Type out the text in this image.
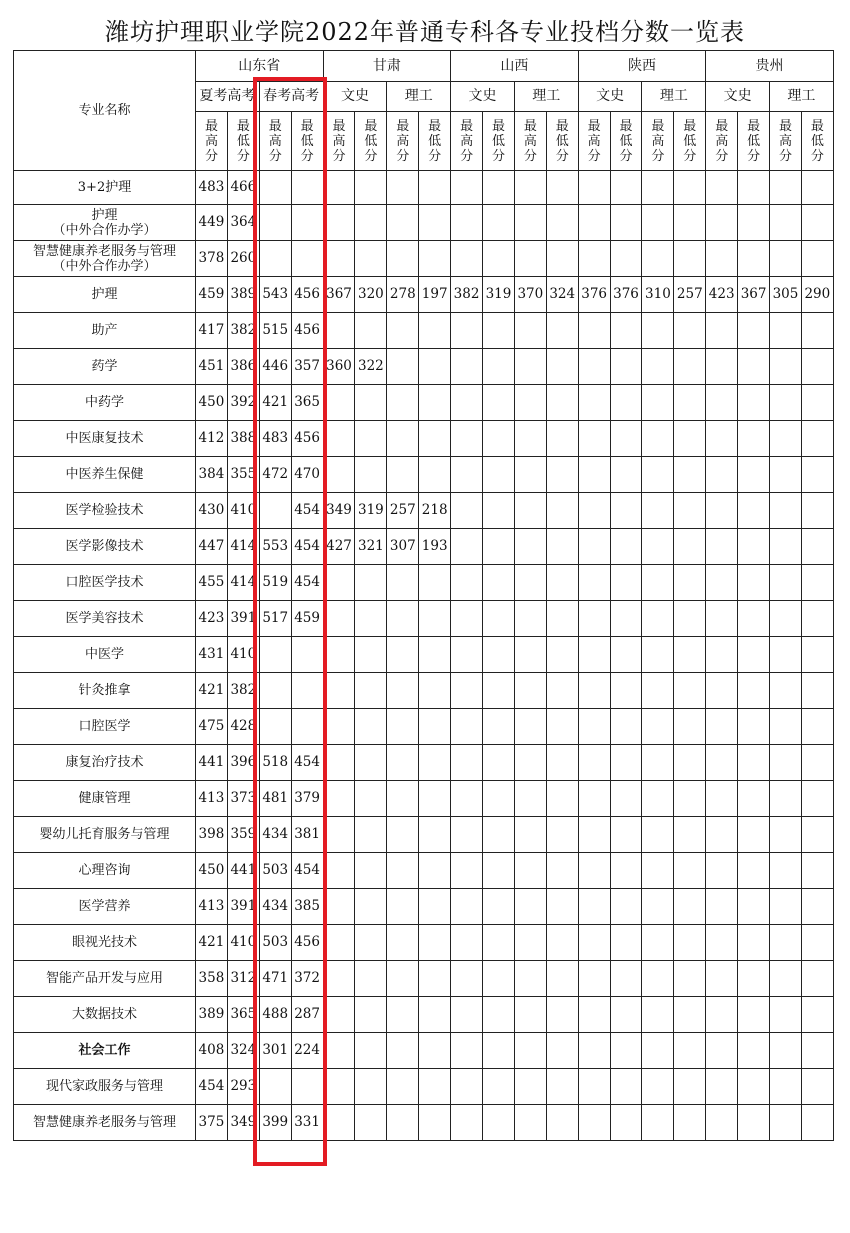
潍坊护理职业学院2022年普通专科各专业投档分数一览表
专业名称	山东省				甘肃				山西				陕西				贵州			
	夏考高考		春考高考		文史		理工		文史		理工		文史		理工		文史		理工	
	最
高
分	最
低
分	最
高
分	最
低
分	最
高
分	最
低
分	最
高
分	最
低
分	最
高
分	最
低
分	最
高
分	最
低
分	最
高
分	最
低
分	最
高
分	最
低
分	最
高
分	最
低
分	最
高
分	最
低
分
3+2护理	483	466																		
护理
（中外合作办学）	449	364																		
智慧健康养老服务与管理
（中外合作办学）	378	260																		
护理	459	389	543	456	367	320	278	197	382	319	370	324	376	376	310	257	423	367	305	290
助产	417	382	515	456																
药学	451	386	446	357	360	322														
中药学	450	392	421	365																
中医康复技术	412	388	483	456																
中医养生保健	384	355	472	470																
医学检验技术	430	410		454	349	319	257	218												
医学影像技术	447	414	553	454	427	321	307	193												
口腔医学技术	455	414	519	454																
医学美容技术	423	391	517	459																
中医学	431	410																		
针灸推拿	421	382																		
口腔医学	475	428																		
康复治疗技术	441	396	518	454																
健康管理	413	373	481	379																
婴幼儿托育服务与管理	398	359	434	381																
心理咨询	450	441	503	454																
医学营养	413	391	434	385																
眼视光技术	421	410	503	456																
智能产品开发与应用	358	312	471	372																
大数据技术	389	365	488	287																
社会工作	408	324	301	224																
现代家政服务与管理	454	293																		
智慧健康养老服务与管理	375	349	399	331																
